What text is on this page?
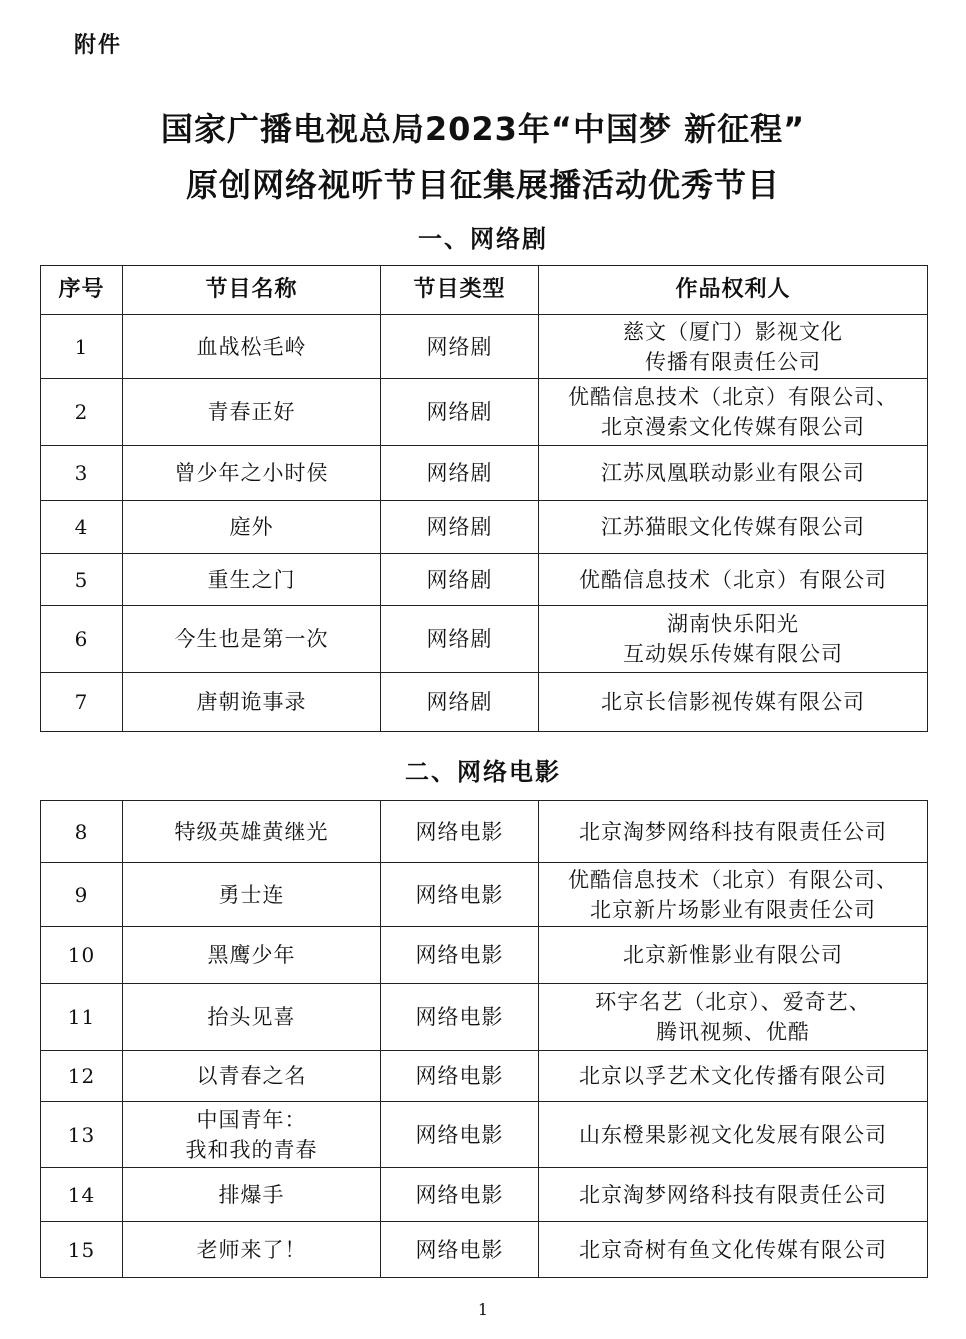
附件
国家广播电视总局2023年“中国梦 新征程”
原创网络视听节目征集展播活动优秀节目
一、网络剧
序号	节目名称	节目类型	作品权利人
1	血战松毛岭	网络剧	慈文（厦门）影视文化
传播有限责任公司

2	青春正好	网络剧	优酷信息技术（北京）有限公司、
北京漫索文化传媒有限公司

3	曾少年之小时侯	网络剧	江苏凤凰联动影业有限公司

4	庭外	网络剧	江苏猫眼文化传媒有限公司

5	重生之门	网络剧	优酷信息技术（北京）有限公司

6	今生也是第一次	网络剧	湖南快乐阳光
互动娱乐传媒有限公司

7	唐朝诡事录	网络剧	北京长信影视传媒有限公司
二、网络电影
8	特级英雄黄继光	网络电影	北京淘梦网络科技有限责任公司

9	勇士连	网络电影	优酷信息技术（北京）有限公司、
北京新片场影业有限责任公司

10	黑鹰少年	网络电影	北京新惟影业有限公司

11	抬头见喜	网络电影	环宇名艺（北京）、爱奇艺、
腾讯视频、优酷

12	以青春之名	网络电影	北京以孚艺术文化传播有限公司

13	中国青年：
我和我的青春	网络电影	山东橙果影视文化发展有限公司

14	排爆手	网络电影	北京淘梦网络科技有限责任公司

15	老师来了！	网络电影	北京奇树有鱼文化传媒有限公司
1
